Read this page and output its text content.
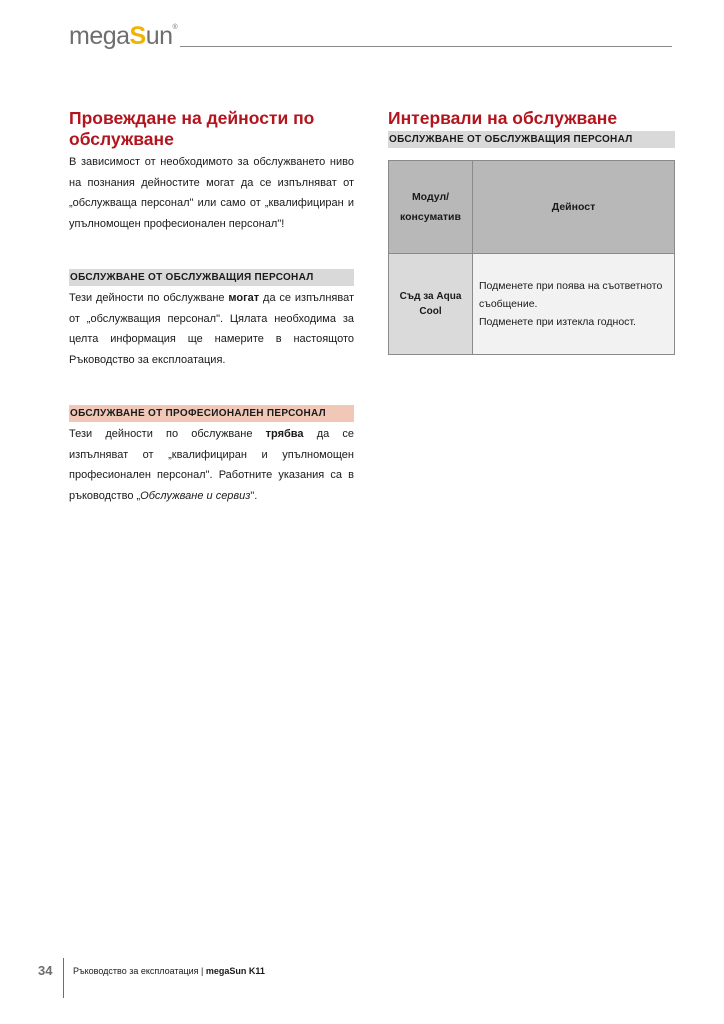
megaSun®
Провеждане на дейности по обслужване

В зависимост от необходимото за обслужването ниво на познания дейностите могат да се изпълняват от „обслужваща персонал" или само от „квалифициран и упълномощен професионален персонал"!

ОБСЛУЖВАНЕ ОТ ОБСЛУЖВАЩИЯ ПЕРСОНАЛ

Тези дейности по обслужване могат да се изпълняват от „обслужващия персонал". Цялата необходима за целта информация ще намерите в настоящото Ръководство за експлоатация.

ОБСЛУЖВАНЕ ОТ ПРОФЕСИОНАЛЕН ПЕРСОНАЛ

Тези дейности по обслужване трябва да се изпълняват от „квалифициран и упълномощен професионален персонал". Работните указания са в ръководство „Обслужване и сервиз".

Интервали на обслужване
ОБСЛУЖВАНЕ ОТ ОБСЛУЖВАЩИЯ ПЕРСОНАЛ
Модул/ консуматив	Дейност
Съд за Aqua Cool	Подменете при поява на съответното съобщение.
Подменете при изтекла годност.
34 Ръководство за експлоатация | megaSun K11
